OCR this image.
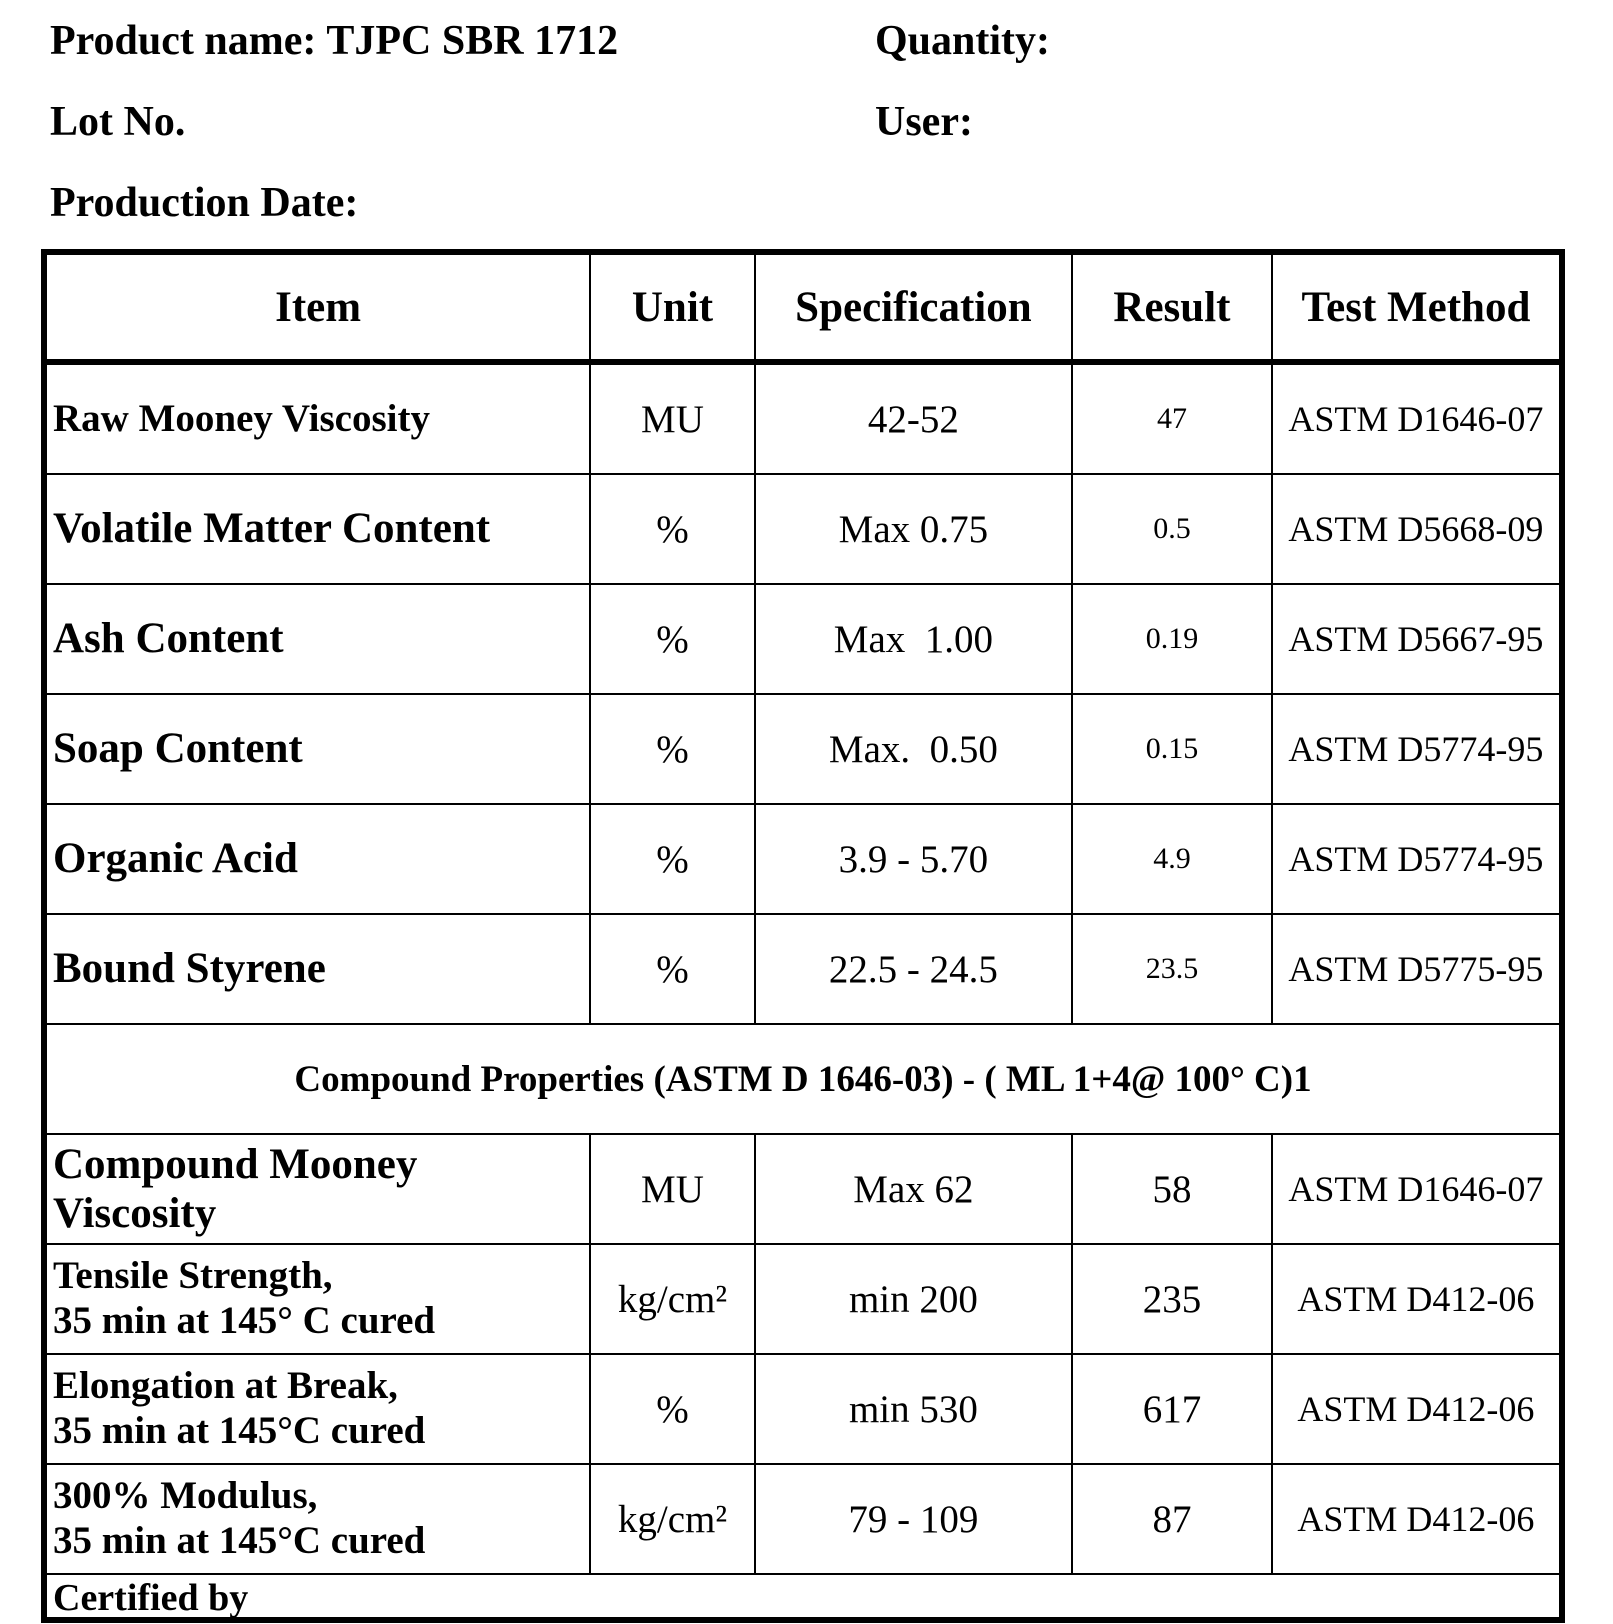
Product name: TJPC SBR 1712	Quantity:
Lot No.	User:
Production Date:
Item	Unit	Specification	Result	Test Method
Raw Mooney Viscosity	MU	42-52	47	ASTM D1646-07
Volatile Matter Content	%	Max 0.75	0.5	ASTM D5668-09
Ash Content	%	Max  1.00	0.19	ASTM D5667-95
Soap Content	%	Max.  0.50	0.15	ASTM D5774-95
Organic Acid	%	3.9 - 5.70	4.9	ASTM D5774-95
Bound Styrene	%	22.5 - 24.5	23.5	ASTM D5775-95
Compound Properties (ASTM D 1646-03) - ( ML 1+4@ 100° C)1				
Compound Mooney
Viscosity	MU	Max 62	58	ASTM D1646-07
Tensile Strength,
35 min at 145° C cured	kg/cm²	min 200	235	ASTM D412-06
Elongation at Break,
35 min at 145°C cured	%	min 530	617	ASTM D412-06
300% Modulus,
35 min at 145°C cured	kg/cm²	79 - 109	87	ASTM D412-06

Certified by				
